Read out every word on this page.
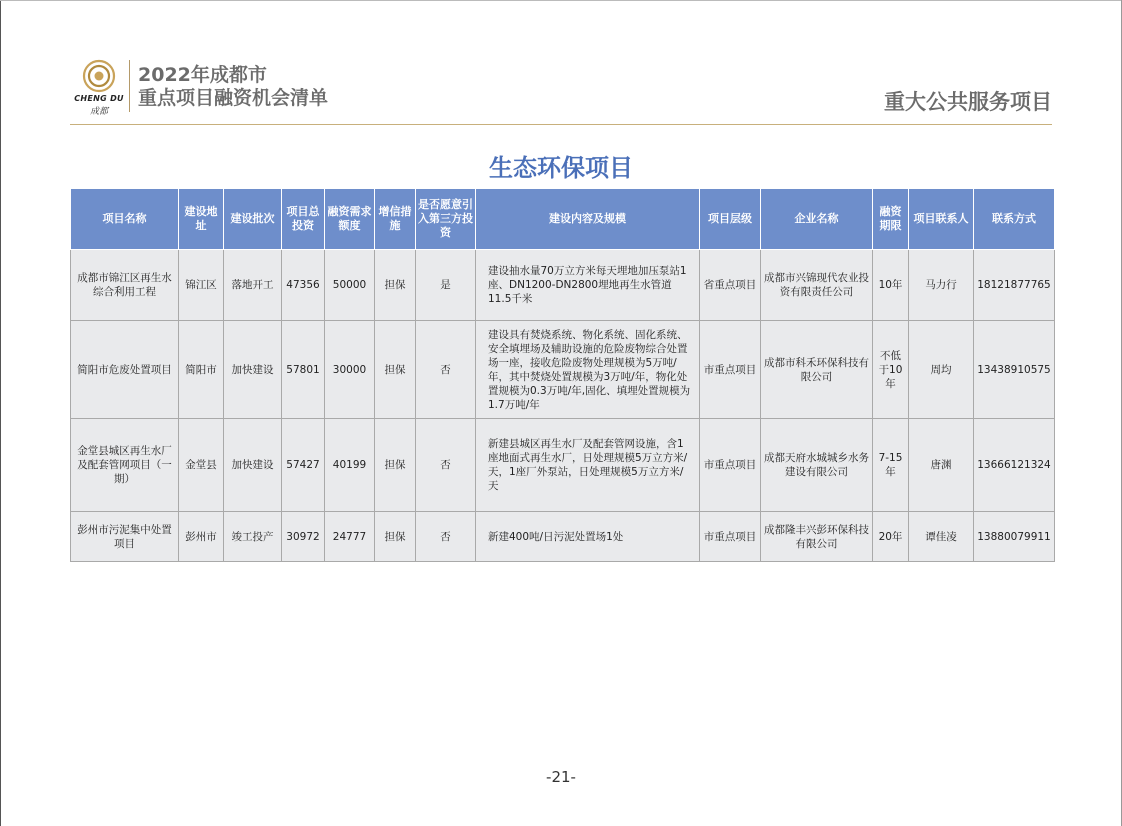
CHENG DU
成都
2022年成都市
重点项目融资机会清单	重大公共服务项目
生态环保项目
项目名称	建设地址	建设批次	项目总投资	融资需求额度	增信措施	是否愿意引入第三方投资	建设内容及规模	项目层级	企业名称	融资期限	项目联系人	联系方式
成都市锦江区再生水综合利用工程	锦江区	落地开工	47356	50000	担保	是	建设抽水量70万立方米每天埋地加压泵站1座、DN1200-DN2800埋地再生水管道11.5千米	省重点项目	成都市兴锦现代农业投资有限责任公司	10年	马力行	18121877765
简阳市危废处置项目	简阳市	加快建设	57801	30000	担保	否	建设具有焚烧系统、物化系统、固化系统、安全填埋场及辅助设施的危险废物综合处置场一座，接收危险废物处理规模为5万吨/年，其中焚烧处置规模为3万吨/年，物化处置规模为0.3万吨/年,固化、填埋处置规模为1.7万吨/年	市重点项目	成都市科禾环保科技有限公司	不低于10年	周均	13438910575
金堂县城区再生水厂及配套管网项目（一期）	金堂县	加快建设	57427	40199	担保	否	新建县城区再生水厂及配套管网设施，含1座地面式再生水厂，日处理规模5万立方米/天，1座厂外泵站，日处理规模5万立方米/天	市重点项目	成都天府水城城乡水务建设有限公司	7-15年	唐渊	13666121324
彭州市污泥集中处置项目	彭州市	竣工投产	30972	24777	担保	否	新建400吨/日污泥处置场1处	市重点项目	成都隆丰兴彭环保科技有限公司	20年	谭佳凌	13880079911
-21-
